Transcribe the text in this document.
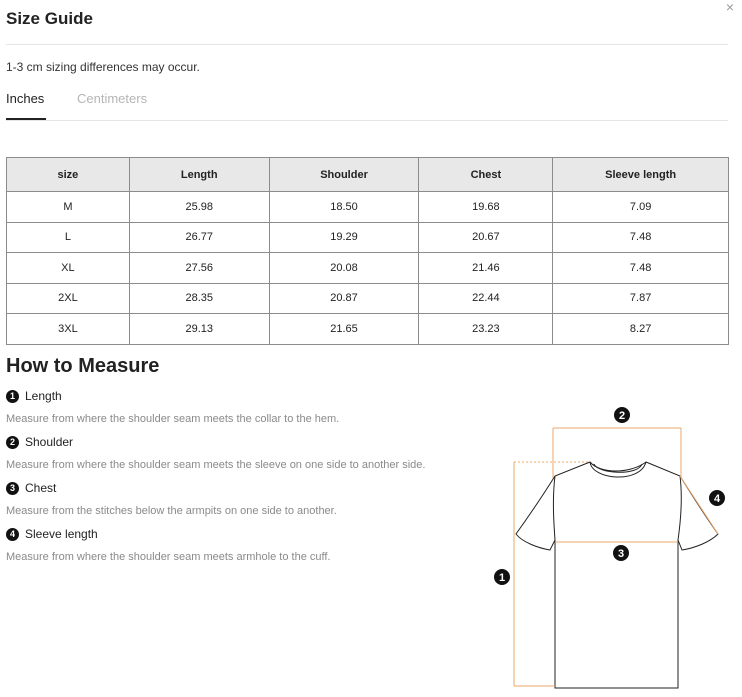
Size Guide
×
1-3 cm sizing differences may occur.
Inches	Centimeters
size	Length	Shoulder	Chest	Sleeve length
M	25.98	18.50	19.68	7.09
L	26.77	19.29	20.67	7.48
XL	27.56	20.08	21.46	7.48
2XL	28.35	20.87	22.44	7.87
3XL	29.13	21.65	23.23	8.27
How to Measure
1 Length
Measure from where the shoulder seam meets the collar to the hem.
2 Shoulder
Measure from where the shoulder seam meets the sleeve on one side to another side.
3 Chest
Measure from the stitches below the armpits on one side to another.
4 Sleeve length
Measure from where the shoulder seam meets armhole to the cuff.
1
2
3
4
